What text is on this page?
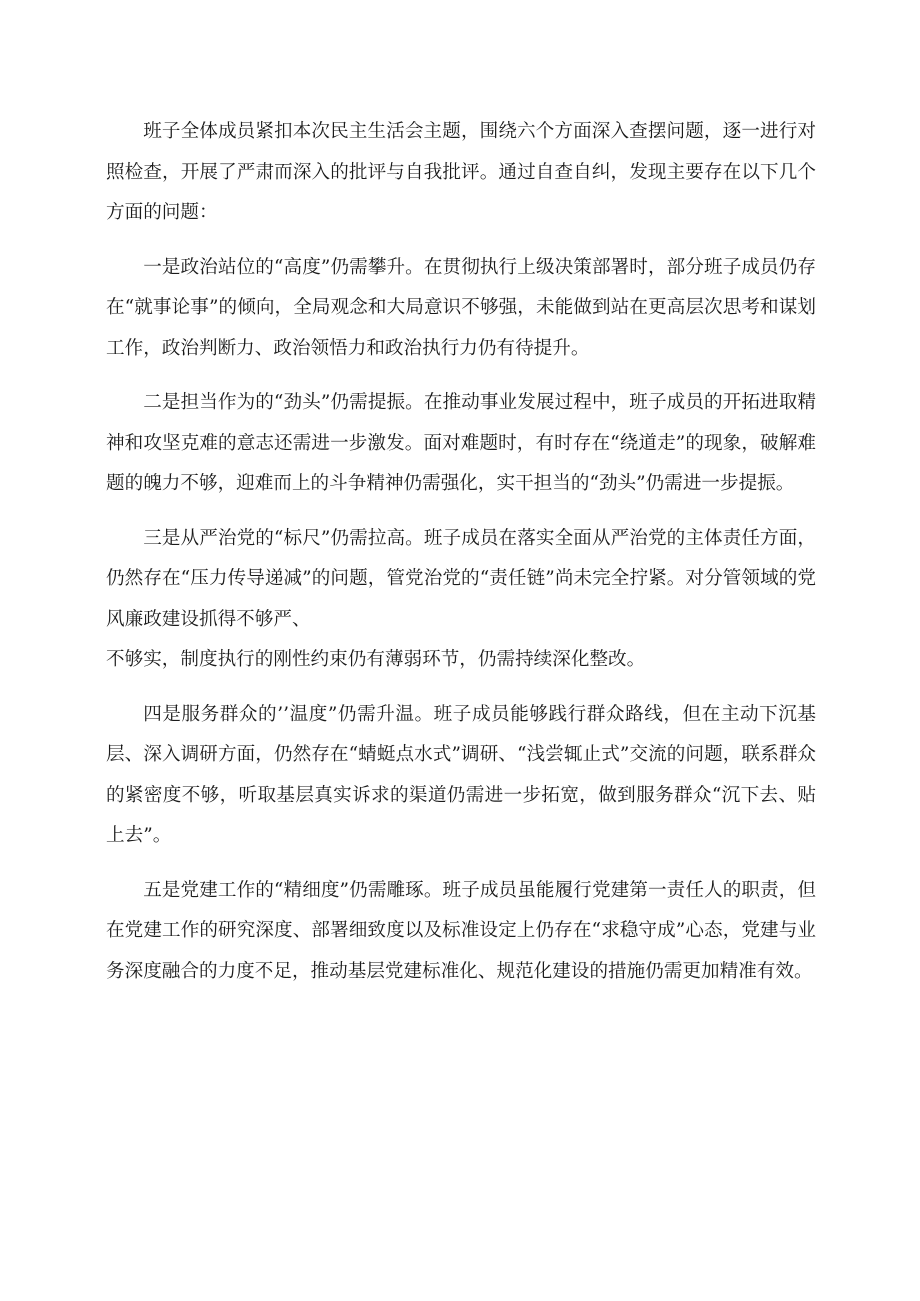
班子全体成员紧扣本次民主生活会主题，围绕六个方面深入查摆问题，逐一进行对照检查，开展了严肃而深入的批评与自我批评。通过自查自纠，发现主要存在以下几个方面的问题：

一是政治站位的“高度”仍需攀升。在贯彻执行上级决策部署时，部分班子成员仍存在“就事论事”的倾向，全局观念和大局意识不够强，未能做到站在更高层次思考和谋划工作，政治判断力、政治领悟力和政治执行力仍有待提升。

二是担当作为的“劲头”仍需提振。在推动事业发展过程中，班子成员的开拓进取精神和攻坚克难的意志还需进一步激发。面对难题时，有时存在“绕道走”的现象，破解难题的魄力不够，迎难而上的斗争精神仍需强化，实干担当的“劲头”仍需进一步提振。

三是从严治党的“标尺”仍需拉高。班子成员在落实全面从严治党的主体责任方面，仍然存在“压力传导递减”的问题，管党治党的“责任链”尚未完全拧紧。对分管领域的党风廉政建设抓得不够严、

不够实，制度执行的刚性约束仍有薄弱环节，仍需持续深化整改。

四是服务群众的’’温度”仍需升温。班子成员能够践行群众路线，但在主动下沉基层、深入调研方面，仍然存在“蜻蜓点水式”调研、“浅尝辄止式”交流的问题，联系群众的紧密度不够，听取基层真实诉求的渠道仍需进一步拓宽，做到服务群众“沉下去、贴上去”。

五是党建工作的“精细度”仍需雕琢。班子成员虽能履行党建第一责任人的职责，但在党建工作的研究深度、部署细致度以及标准设定上仍存在“求稳守成”心态，党建与业务深度融合的力度不足，推动基层党建标准化、规范化建设的措施仍需更加精准有效。
